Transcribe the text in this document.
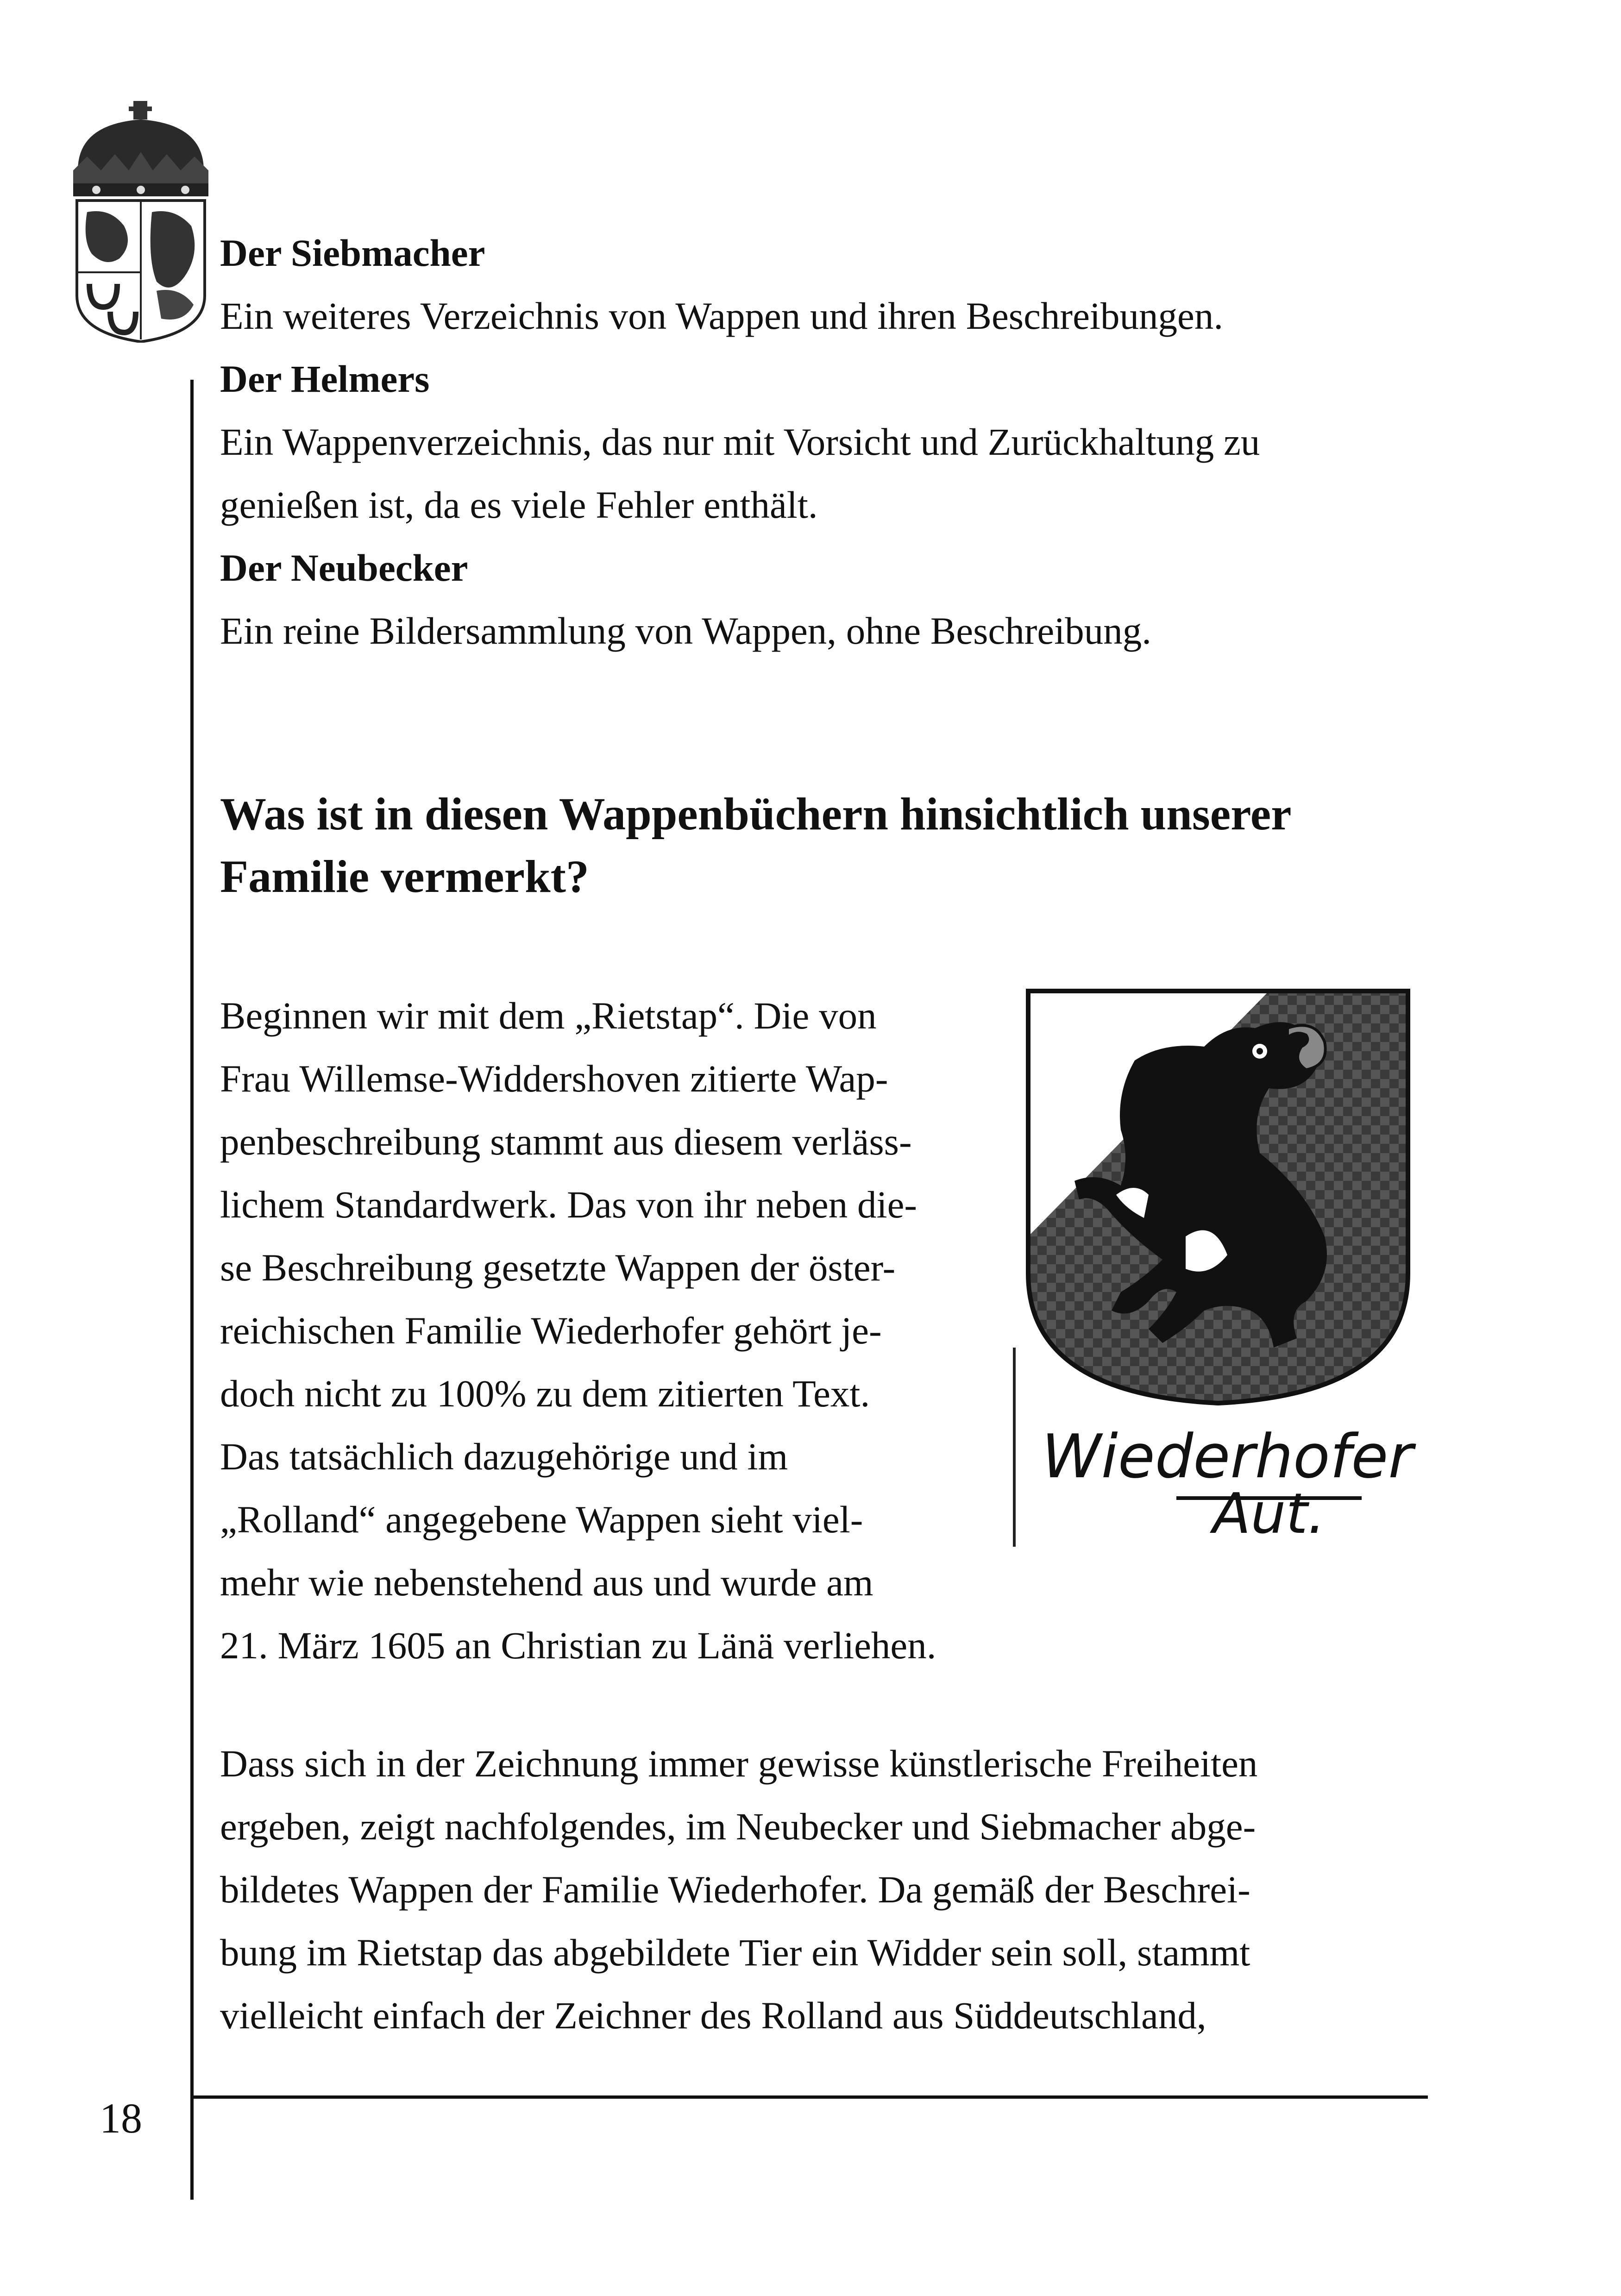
18
Der Siebmacher
Ein weiteres Verzeichnis von Wappen und ihren Beschreibungen.
Der Helmers
Ein Wappenverzeichnis, das nur mit Vorsicht und Zurückhaltung zu
genießen ist, da es viele Fehler enthält.
Der Neubecker
Ein reine Bildersammlung von Wappen, ohne Beschreibung.
Was ist in diesen Wappenbüchern hinsichtlich unserer
Familie vermerkt?
Beginnen wir mit dem „Rietstap“. Die von
Frau Willemse-Widdershoven zitierte Wap-
penbeschreibung stammt aus diesem verläss-
lichem Standardwerk. Das von ihr neben die-
se Beschreibung gesetzte Wappen der öster-
reichischen Familie Wiederhofer gehört je-
doch nicht zu 100% zu dem zitierten Text.
Das tatsächlich dazugehörige und im
„Rolland“ angegebene Wappen sieht viel-
mehr wie nebenstehend aus und wurde am
21. März 1605 an Christian zu Länä verliehen.
Wiederhofer
Aut.
Dass sich in der Zeichnung immer gewisse künstlerische Freiheiten
ergeben, zeigt nachfolgendes, im Neubecker und Siebmacher abge-
bildetes Wappen der Familie Wiederhofer. Da gemäß der Beschrei-
bung im Rietstap das abgebildete Tier ein Widder sein soll, stammt
vielleicht einfach der Zeichner des Rolland aus Süddeutschland,
